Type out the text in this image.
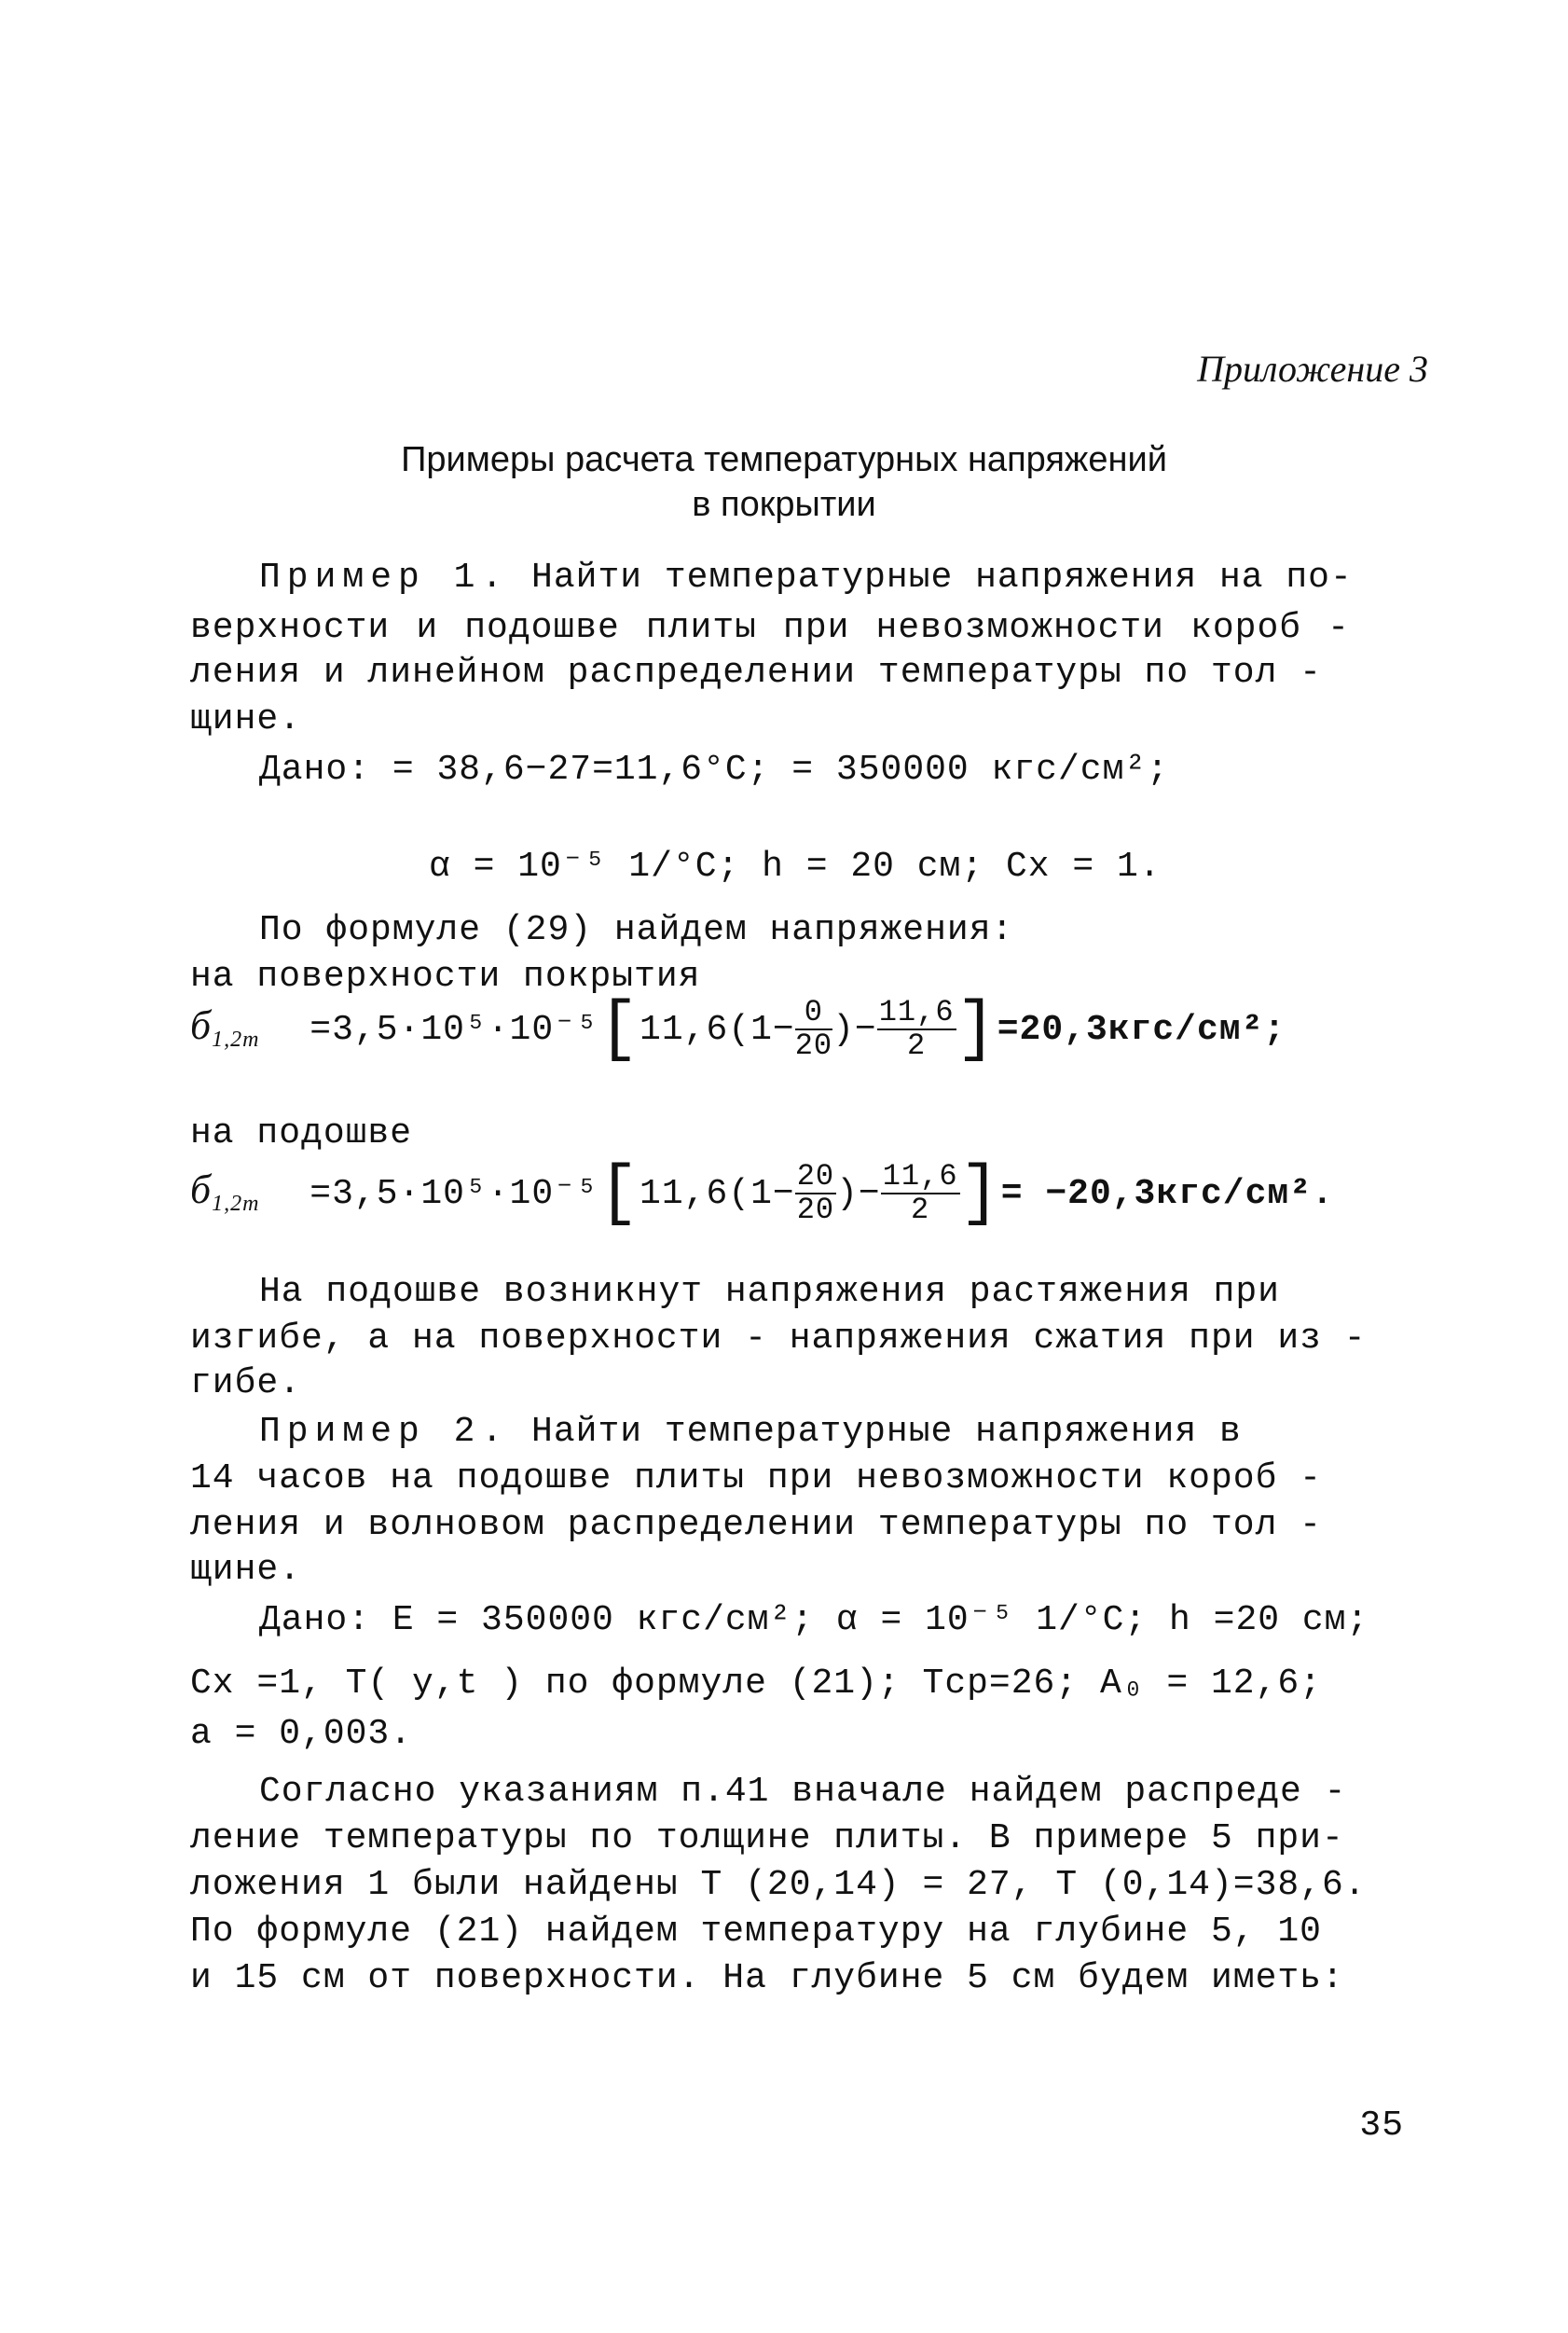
Приложение 3
Примеры расчета температурных напряжений
в покрытии
Пример 1. Найти температурные напряжения на по-
верхности и подошве плиты при невозможности короб -
ления и линейном распределении температуры по тол -
щине.
Дано: = 38,6−27=11,6°С; = 350000 кгс/см²;
α = 10⁻⁵ 1/°С; h = 20 см; Cx = 1.
По формуле (29) найдем напряжения:
на поверхности покрытия
$б_{1,2т} =3,5\cdot 10^5\cdot 10^{-5}[11,6(1- \frac{0}{20}$ )− $\frac{11,6}{2} ]=20,3кгс/см^2$;
на подошве
$б_{1,2т} =3,5\cdot 10^5\cdot 10^{-5}[11,6(1- \frac{20}{20}$ )− $\frac{11,6}{2}$ ]= −20,3кгс/см².
На подошве возникнут напряжения растяжения при
изгибе, а на поверхности - напряжения сжатия при из -
гибе.
Пример 2. Найти температурные напряжения в
14 часов на подошве плиты при невозможности короб -
ления и волновом распределении температуры по тол -
щине.
Дано: E = 350000 кгс/см²; α = 10⁻⁵ 1/°С; h =20 см;
Cx =1, T( y,t ) по формуле (21); Tср=26; A₀ = 12,6;
a = 0,003.
Согласно указаниям п.41 вначале найдем распреде -
ление температуры по толщине плиты. В примере 5 при-
ложения 1 были найдены T (20,14) = 27, T (0,14)=38,6.
По формуле (21) найдем температуру на глубине 5, 10
и 15 см от поверхности. На глубине 5 см будем иметь:
35
